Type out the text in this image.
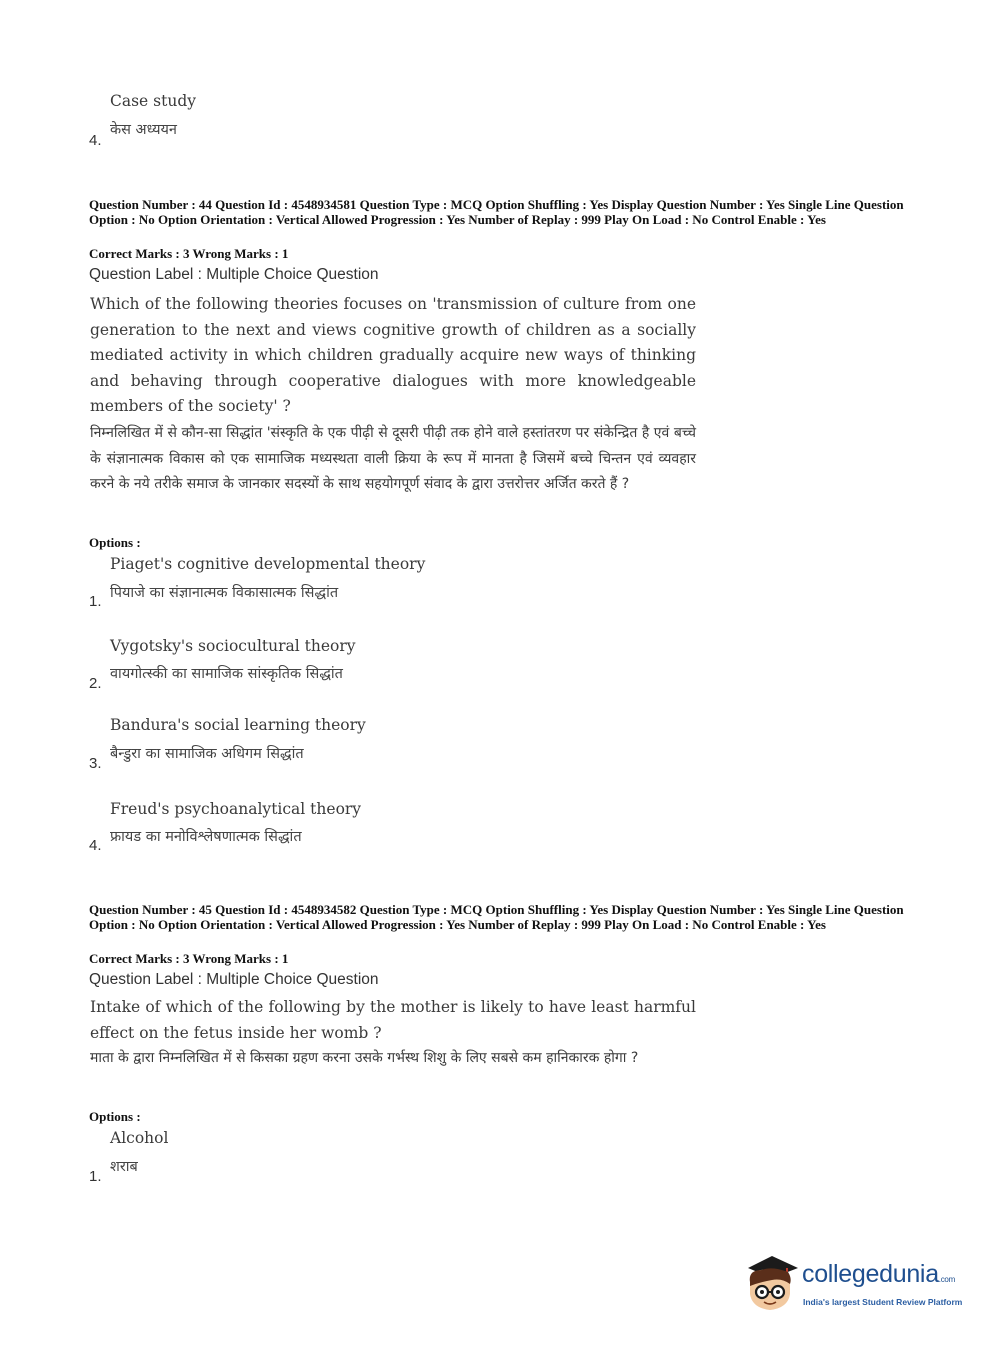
Case study
केस अध्ययन
4.
Question Number : 44 Question Id : 4548934581 Question Type : MCQ Option Shuffling : Yes Display Question Number : Yes Single Line Question Option : No Option Orientation : Vertical Allowed Progression : Yes Number of Replay : 999 Play On Load : No Control Enable : Yes
Correct Marks : 3 Wrong Marks : 1
Question Label : Multiple Choice Question
Which of the following theories focuses on 'transmission of culture from one generation to the next and views cognitive growth of children as a socially mediated activity in which children gradually acquire new ways of thinking and behaving through cooperative dialogues with more knowledgeable members of the society' ?
निम्नलिखित में से कौन-सा सिद्धांत 'संस्कृति के एक पीढ़ी से दूसरी पीढ़ी तक होने वाले हस्तांतरण पर संकेन्द्रित है एवं बच्चे के संज्ञानात्मक विकास को एक सामाजिक मध्यस्थता वाली क्रिया के रूप में मानता है जिसमें बच्चे चिन्तन एवं व्यवहार करने के नये तरीके समाज के जानकार सदस्यों के साथ सहयोगपूर्ण संवाद के द्वारा उत्तरोत्तर अर्जित करते हैं ?
Options :
Piaget's cognitive developmental theory
पियाजे का संज्ञानात्मक विकासात्मक सिद्धांत
1.
Vygotsky's sociocultural theory
वायगोत्स्की का सामाजिक सांस्कृतिक सिद्धांत
2.
Bandura's social learning theory
बैन्डुरा का सामाजिक अधिगम सिद्धांत
3.
Freud's psychoanalytical theory
फ्रायड का मनोविश्लेषणात्मक सिद्धांत
4.
Question Number : 45 Question Id : 4548934582 Question Type : MCQ Option Shuffling : Yes Display Question Number : Yes Single Line Question Option : No Option Orientation : Vertical Allowed Progression : Yes Number of Replay : 999 Play On Load : No Control Enable : Yes
Correct Marks : 3 Wrong Marks : 1
Question Label : Multiple Choice Question
Intake of which of the following by the mother is likely to have least harmful effect on the fetus inside her womb ?
माता के द्वारा निम्नलिखित में से किसका ग्रहण करना उसके गर्भस्थ शिशु के लिए सबसे कम हानिकारक होगा ?
Options :
Alcohol
शराब
1.
collegedunia.com
India's largest Student Review Platform
